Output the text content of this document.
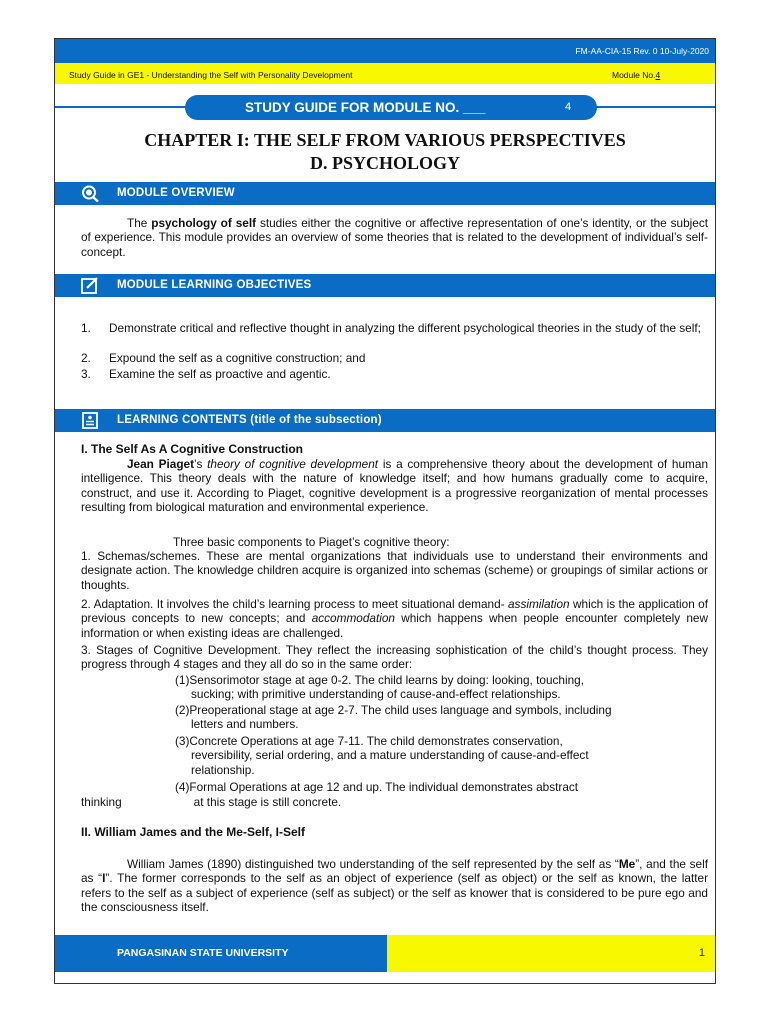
FM-AA-CIA-15 Rev. 0 10-July-2020
Study Guide in GE1 - Understanding the Self with Personality Development	Module No.4
STUDY GUIDE FOR MODULE NO. ___	4
CHAPTER I: THE SELF FROM VARIOUS PERSPECTIVES
D. PSYCHOLOGY
MODULE OVERVIEW
The psychology of self studies either the cognitive or affective representation of one’s identity, or the subject of experience. This module provides an overview of some theories that is related to the development of individual’s self-concept.
MODULE LEARNING OBJECTIVES
1. Demonstrate critical and reflective thought in analyzing the different psychological theories in the study of the self;
2. Expound the self as a cognitive construction; and
3. Examine the self as proactive and agentic.
LEARNING CONTENTS (title of the subsection)
I. The Self As A Cognitive Construction
Jean Piaget’s theory of cognitive development is a comprehensive theory about the development of human intelligence. This theory deals with the nature of knowledge itself; and how humans gradually come to acquire, construct, and use it. According to Piaget, cognitive development is a progressive reorganization of mental processes resulting from biological maturation and environmental experience.
Three basic components to Piaget’s cognitive theory:
1. Schemas/schemes. These are mental organizations that individuals use to understand their environments and designate action. The knowledge children acquire is organized into schemas (scheme) or groupings of similar actions or thoughts.
2. Adaptation. It involves the child’s learning process to meet situational demand- assimilation which is the application of previous concepts to new concepts; and accommodation which happens when people encounter completely new information or when existing ideas are challenged.
3. Stages of Cognitive Development. They reflect the increasing sophistication of the child’s thought process. They progress through 4 stages and they all do so in the same order:
(1)Sensorimotor stage at age 0-2. The child learns by doing: looking, touching,
sucking; with primitive understanding of cause-and-effect relationships.
(2)Preoperational stage at age 2-7. The child uses language and symbols, including
letters and numbers.
(3)Concrete Operations at age 7-11. The child demonstrates conservation,
reversibility, serial ordering, and a mature understanding of cause-and-effect
relationship.
(4)Formal Operations at age 12 and up. The individual demonstrates abstract
thinking	at this stage is still concrete.
II. William James and the Me-Self, I-Self
William James (1890) distinguished two understanding of the self represented by the self as “Me”, and the self as “I”. The former corresponds to the self as an object of experience (self as object) or the self as known, the latter refers to the self as a subject of experience (self as subject) or the self as knower that is considered to be pure ego and the consciousness itself.
PANGASINAN STATE UNIVERSITY	1
